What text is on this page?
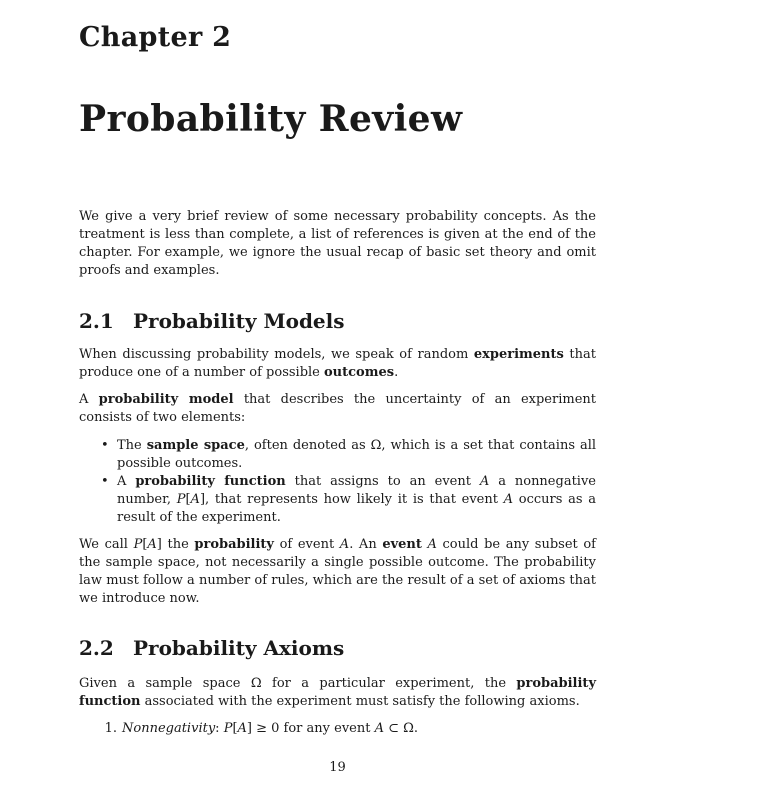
Chapter 2
Probability Review
We give a very brief review of some necessary probability concepts. As the treatment is less than complete, a list of references is given at the end of the chapter. For example, we ignore the usual recap of basic set theory and omit proofs and examples.
2.1 Probability Models
When discussing probability models, we speak of random experiments that produce one of a number of possible outcomes.
A probability model that describes the uncertainty of an experiment consists of two elements:
• The sample space, often denoted as Ω, which is a set that contains all possible outcomes.
• A probability function that assigns to an event A a nonnegative number, P[A], that represents how likely it is that event A occurs as a result of the experiment.
We call P[A] the probability of event A. An event A could be any subset of the sample space, not necessarily a single possible outcome. The probability law must follow a number of rules, which are the result of a set of axioms that we introduce now.
2.2 Probability Axioms
Given a sample space Ω for a particular experiment, the probability function associated with the experiment must satisfy the following axioms.
1. Nonnegativity: P[A] ≥ 0 for any event A ⊂ Ω.
19
